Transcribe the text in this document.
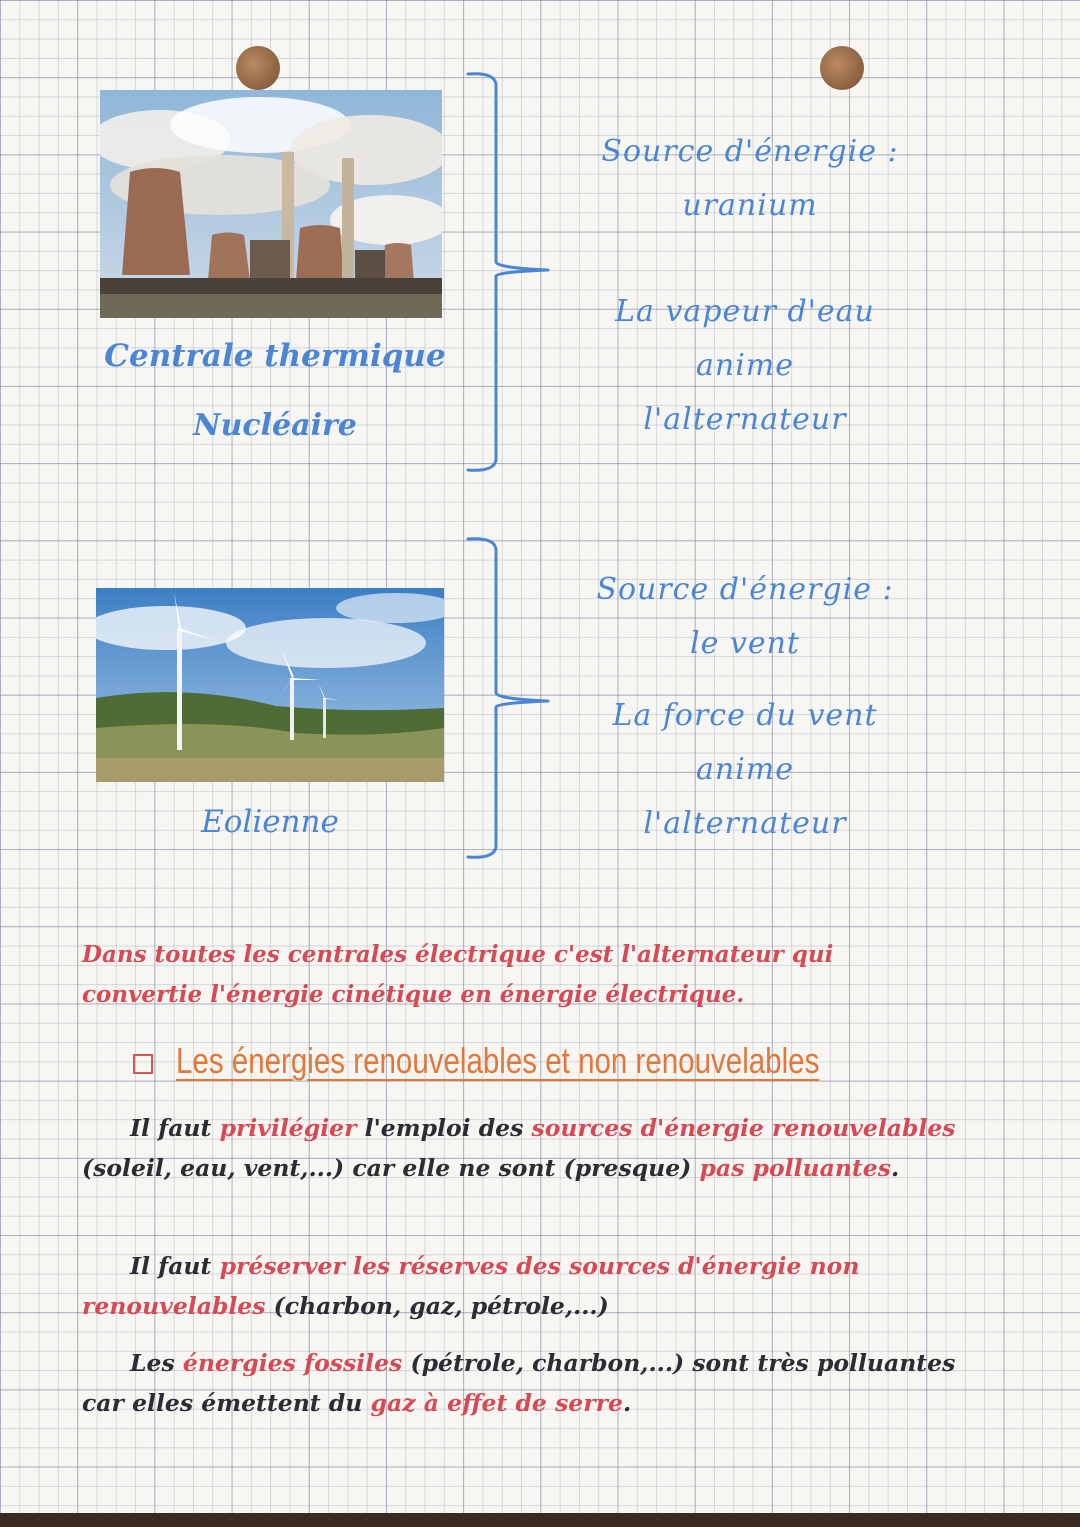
Centrale thermique
Nucléaire
Source d'énergie :
uranium
La vapeur d'eau
anime
l'alternateur
Eolienne
Source d'énergie :
le vent
La force du vent
anime
l'alternateur
Dans toutes les centrales électrique c'est l'alternateur qui
convertie l'énergie cinétique en énergie électrique.
Les énergies renouvelables et non renouvelables
Il faut privilégier l'emploi des sources d'énergie renouvelables (soleil, eau, vent,...) car elle ne sont (presque) pas polluantes.
Il faut préserver les réserves des sources d'énergie non renouvelables (charbon, gaz, pétrole,...)
Les énergies fossiles (pétrole, charbon,...) sont très polluantes car elles émettent du gaz à effet de serre.
